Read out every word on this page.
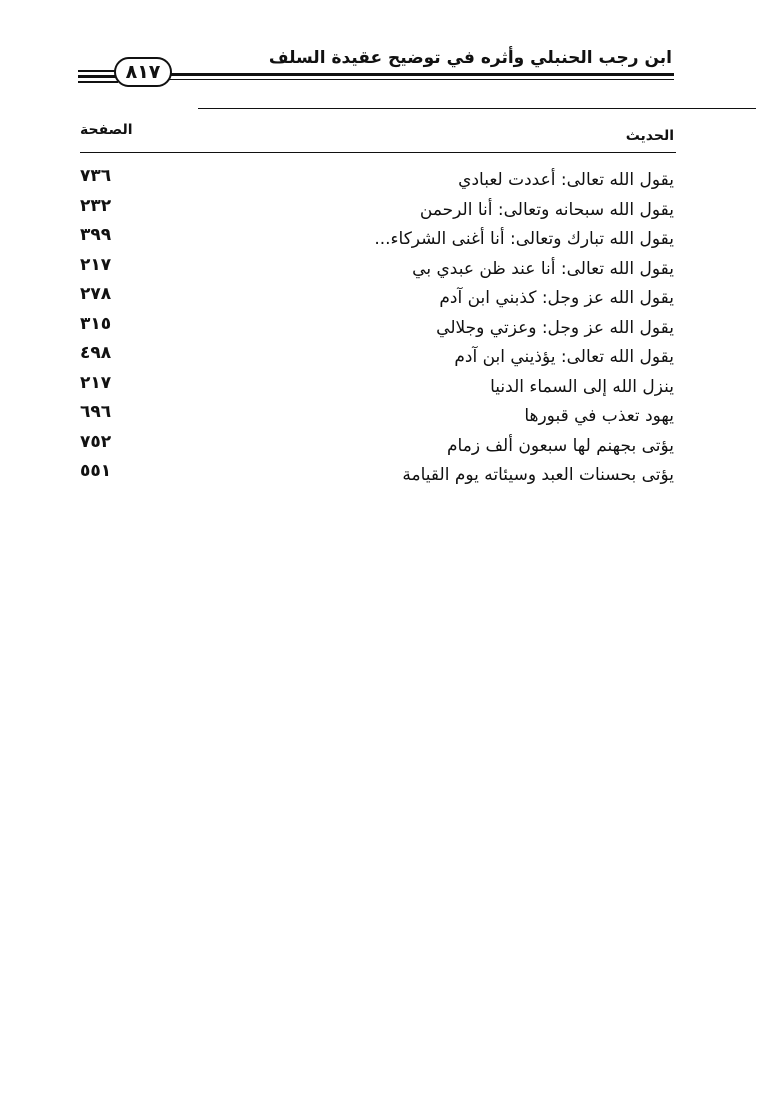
ابن رجب الحنبلي وأثره في توضيح عقيدة السلف
٨١٧
الصفحة	الحديث
يقول الله تعالى: أعددت لعبادي
٧٣٦
يقول الله سبحانه وتعالى: أنا الرحمن
٢٣٢
يقول الله تبارك وتعالى: أنا أغنى الشركاء...
٣٩٩
يقول الله تعالى: أنا عند ظن عبدي بي
٢١٧
يقول الله عز وجل: كذبني ابن آدم
٢٧٨
يقول الله عز وجل: وعزتي وجلالي
٣١٥
يقول الله تعالى: يؤذيني ابن آدم
٤٩٨
ينزل الله إلى السماء الدنيا
٢١٧
يهود تعذب في قبورها
٦٩٦
يؤتى بجهنم لها سبعون ألف زمام
٧٥٢
يؤتى بحسنات العبد وسيئاته يوم القيامة
٥٥١
